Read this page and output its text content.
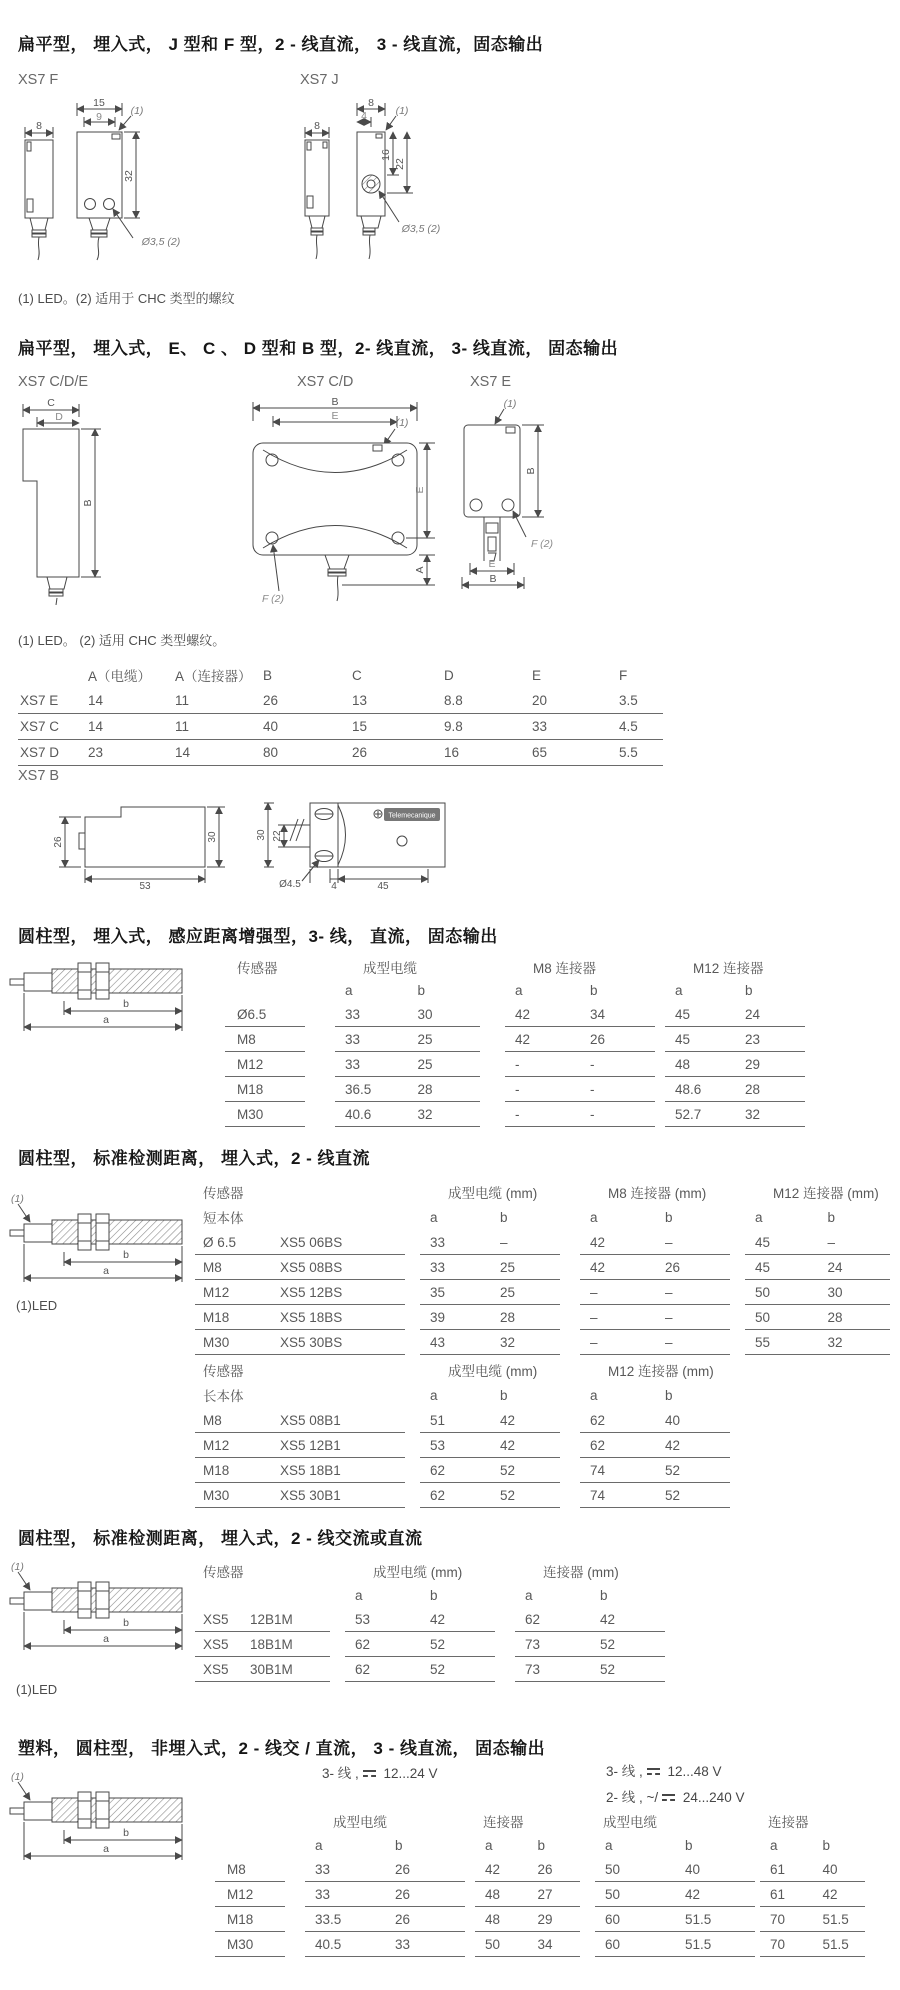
扁平型， 埋入式， J 型和 F 型，2 - 线直流， 3 - 线直流，固态输出
XS7 F	XS7 J
8
15
9	(1)
32
Ø3,5 (2)
8
8
4	(1)
16
22
Ø3,5 (2)
(1) LED。(2) 适用于 CHC 类型的螺纹
扁平型， 埋入式， E、 C 、 D 型和 B 型，2- 线直流， 3- 线直流， 固态输出
XS7 C/D/E	XS7 C/D	XS7 E
C
D
B
B
E
(1)
E
A
F (2)
(1)
B
F (2)
E
B
(1) LED。 (2) 适用 CHC 类型螺纹。
A（电缆）	A（连接器） B	C	D	E	F
XS7 E	14	11	26	13	8.8	20	3.5
XS7 C	14	11	40	15	9.8	33	4.5
XS7 D	23	14	80	26	16	65	5.5
XS7 B
26	30
53
30 22
Telemecanique
Ø4.5	4	45
圆柱型， 埋入式， 感应距离增强型，3- 线， 直流， 固态输出
b
a
传感器	成型电缆	M8 连接器	M12 连接器
a	b	a	b	a	b
Ø6.5	33	30	42	34	45	24
M8	33	25	42	26	45	23
M12	33	25	-	-	48	29
M18	36.5	28	-	-	48.6	28
M30	40.6	32	-	-	52.7	32
圆柱型， 标准检测距离， 埋入式，2 - 线直流
(1)
b
a
(1)LED
传感器	成型电缆 (mm)	M8 连接器 (mm)	M12 连接器 (mm)
短本体	a	b	a	b	a	b
Ø 6.5	XS5 06BS	33	–	42	–	45	–
M8	XS5 08BS	33	25	42	26	45	24
M12	XS5 12BS	35	25	–	–	50	30
M18	XS5 18BS	39	28	–	–	50	28
M30	XS5 30BS	43	32	–	–	55	32
传感器	成型电缆 (mm)	M12 连接器 (mm)
长本体	a	b	a	b
M8	XS5 08B1	51	42	62	40
M12	XS5 12B1	53	42	62	42
M18	XS5 18B1	62	52	74	52
M30	XS5 30B1	62	52	74	52
圆柱型， 标准检测距离， 埋入式，2 - 线交流或直流
(1)
b
a
传感器	成型电缆 (mm)	连接器 (mm)
a	b	a	b
XS5	12B1M	53	42	62	42
XS5	18B1M	62	52	73	52
XS5	30B1M	62	52	73	52
(1)LED
塑料， 圆柱型， 非埋入式，2 - 线交 / 直流， 3 - 线直流， 固态输出
(1)
b
a
3- 线 , 12...24 V	3- 线 , 12...48 V
2- 线 , ~/ 24...240 V
成型电缆	连接器	成型电缆	连接器
a	b	a	b	a	b	a	b
M8	33	26	42	26	50	40	61	40
M12	33	26	48	27	50	42	61	42
M18	33.5	26	48	29	60	51.5	70	51.5
M30	40.5	33	50	34	60	51.5	70	51.5
